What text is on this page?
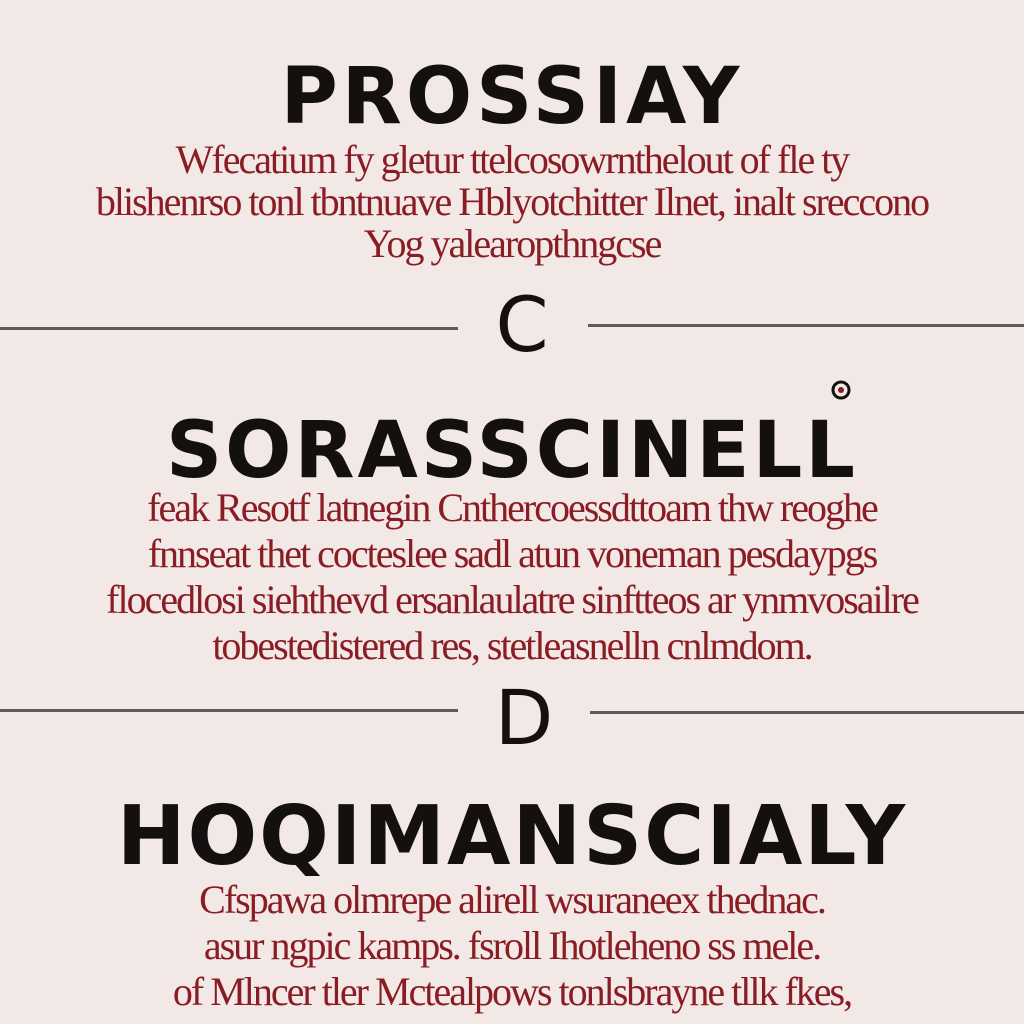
PROSSIAY

Wfecatium fy gletur ttelcosowrnthelout of fle ty
blishenrso tonl tbntnuave Hblyotchitter Ilnet, inalt sreccono
Yog yalearopthngcse

C
SORASSCINELL

feak Resotf latnegin Cnthercoessdttoam thw reoghe
fnnseat thet cocteslee sadl atun voneman pesdaypgs
flocedlosi siehthevd ersanlaulatre sinftteos ar ynmvosailre
tobestedistered res, stetleasnelln cnlmdom.

D
HOQIMANSCIALY

Cfspawa olmrepe alirell wsuraneex thednac.
asur ngpic kamps. fsroll Ihotleheno ss mele.
of Mlncer tler Mctealpows tonlsbrayne tllk fkes,
